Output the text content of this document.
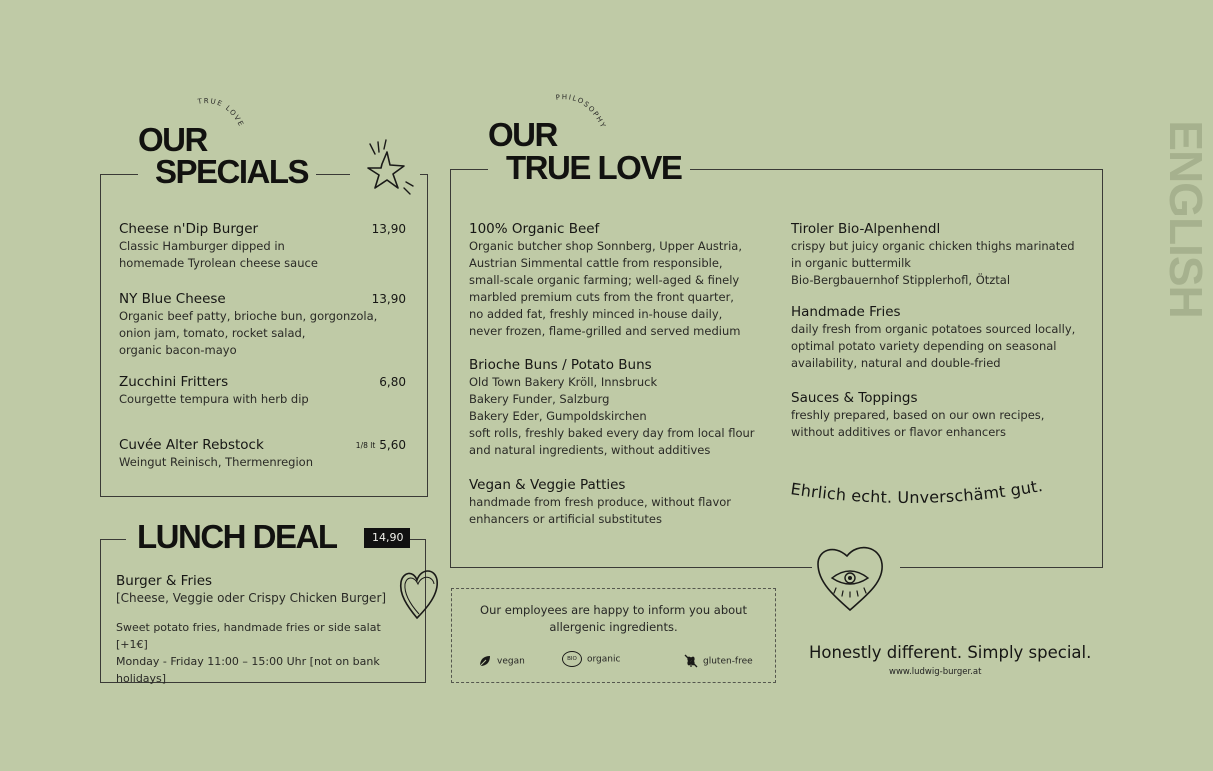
TRUE LOVE
OUR
SPECIALS
Cheese n'Dip Burger	13,90
Classic Hamburger dipped in
homemade Tyrolean cheese sauce
NY Blue Cheese	13,90
Organic beef patty, brioche bun, gorgonzola,
onion jam, tomato, rocket salad,
organic bacon-mayo
Zucchini Fritters	6,80
Courgette tempura with herb dip
Cuvée Alter Rebstock	1/8 lt 5,60
Weingut Reinisch, Thermenregion
LUNCH DEAL	14,90
Burger & Fries
[Cheese, Veggie oder Crispy Chicken Burger]
Sweet potato fries, handmade fries or side salat [+1€]
Monday - Friday 11:00 – 15:00 Uhr [not on bank holidays]
PHILOSOPHY
OUR
TRUE LOVE
100% Organic Beef
Organic butcher shop Sonnberg, Upper Austria,
Austrian Simmental cattle from responsible,
small-scale organic farming; well-aged & finely
marbled premium cuts from the front quarter,
no added fat, freshly minced in-house daily,
never frozen, flame-grilled and served medium
Brioche Buns / Potato Buns
Old Town Bakery Kröll, Innsbruck
Bakery Funder, Salzburg
Bakery Eder, Gumpoldskirchen
soft rolls, freshly baked every day from local flour
and natural ingredients, without additives
Vegan & Veggie Patties
handmade from fresh produce, without flavor
enhancers or artificial substitutes
Tiroler Bio-Alpenhendl
crispy but juicy organic chicken thighs marinated
in organic buttermilk
Bio-Bergbauernhof Stipplerhofl, Ötztal
Handmade Fries
daily fresh from organic potatoes sourced locally,
optimal potato variety depending on seasonal
availability, natural and double-fried
Sauces & Toppings
freshly prepared, based on our own recipes,
without additives or flavor enhancers
Ehrlich echt. Unverschämt gut.
Our employees are happy to inform you about
allergenic ingredients.
vegan	BIO organic	gluten-free	Honestly different. Simply special.
www.ludwig-burger.at
ENGLISH
